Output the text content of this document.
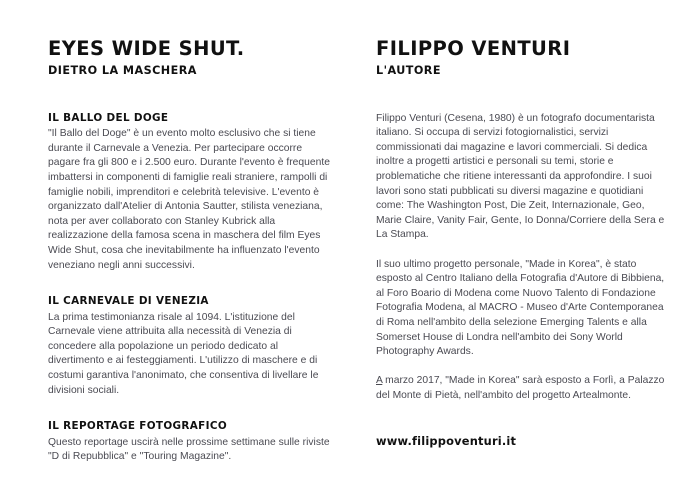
EYES WIDE SHUT.
DIETRO LA MASCHERA
IL BALLO DEL DOGE

"Il Ballo del Doge" è un evento molto esclusivo che si tiene durante il Carnevale a Venezia. Per partecipare occorre pagare fra gli 800 e i 2.500 euro. Durante l'evento è frequente imbattersi in componenti di famiglie reali straniere, rampolli di famiglie nobili, imprenditori e celebrità televisive. L'evento è organizzato dall'Atelier di Antonia Sautter, stilista veneziana, nota per aver collaborato con Stanley Kubrick alla realizzazione della famosa scena in maschera del film Eyes Wide Shut, cosa che inevitabilmente ha influenzato l'evento veneziano negli anni successivi.

IL CARNEVALE DI VENEZIA

La prima testimonianza risale al 1094. L'istituzione del Carnevale viene attribuita alla necessità di Venezia di concedere alla popolazione un periodo dedicato al divertimento e ai festeggiamenti. L'utilizzo di maschere e di costumi garantiva l'anonimato, che consentiva di livellare le divisioni sociali.

IL REPORTAGE FOTOGRAFICO

Questo reportage uscirà nelle prossime settimane sulle riviste "D di Repubblica" e "Touring Magazine".

FILIPPO VENTURI
L'AUTORE

Filippo Venturi (Cesena, 1980) è un fotografo documentarista italiano. Si occupa di servizi fotogiornalistici, servizi commissionati dai magazine e lavori commerciali. Si dedica inoltre a progetti artistici e personali su temi, storie e problematiche che ritiene interessanti da approfondire. I suoi lavori sono stati pubblicati su diversi magazine e quotidiani come: The Washington Post, Die Zeit, Internazionale, Geo, Marie Claire, Vanity Fair, Gente, Io Donna/Corriere della Sera e La Stampa.

Il suo ultimo progetto personale, "Made in Korea", è stato esposto al Centro Italiano della Fotografia d'Autore di Bibbiena, al Foro Boario di Modena come Nuovo Talento di Fondazione Fotografia Modena, al MACRO - Museo d'Arte Contemporanea di Roma nell'ambito della selezione Emerging Talents e alla Somerset House di Londra nell'ambito dei Sony World Photography Awards.

A marzo 2017, "Made in Korea" sarà esposto a Forlì, a Palazzo del Monte di Pietà, nell'ambito del progetto Artealmonte.

www.filippoventuri.it
